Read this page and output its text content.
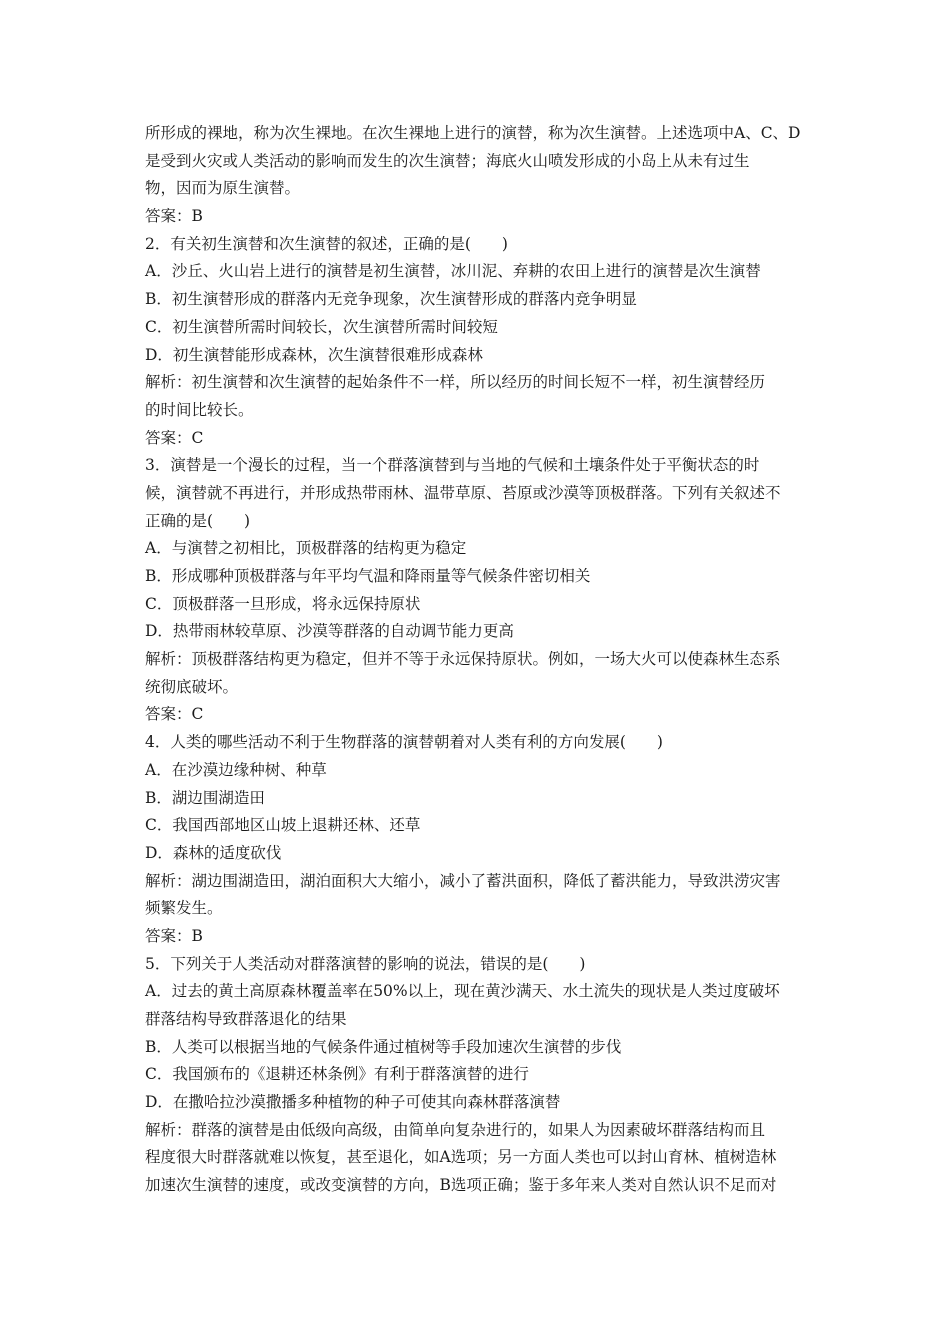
所形成的裸地，称为次生裸地。在次生裸地上进行的演替，称为次生演替。上述选项中A、C、D
是受到火灾或人类活动的影响而发生的次生演替；海底火山喷发形成的小岛上从未有过生
物，因而为原生演替。
答案：B
2．有关初生演替和次生演替的叙述，正确的是(　　)
A．沙丘、火山岩上进行的演替是初生演替，冰川泥、弃耕的农田上进行的演替是次生演替
B．初生演替形成的群落内无竞争现象，次生演替形成的群落内竞争明显
C．初生演替所需时间较长，次生演替所需时间较短
D．初生演替能形成森林，次生演替很难形成森林
解析：初生演替和次生演替的起始条件不一样，所以经历的时间长短不一样，初生演替经历
的时间比较长。
答案：C
3．演替是一个漫长的过程，当一个群落演替到与当地的气候和土壤条件处于平衡状态的时
候，演替就不再进行，并形成热带雨林、温带草原、苔原或沙漠等顶极群落。下列有关叙述不
正确的是(　　)
A．与演替之初相比，顶极群落的结构更为稳定
B．形成哪种顶极群落与年平均气温和降雨量等气候条件密切相关
C．顶极群落一旦形成，将永远保持原状
D．热带雨林较草原、沙漠等群落的自动调节能力更高
解析：顶极群落结构更为稳定，但并不等于永远保持原状。例如，一场大火可以使森林生态系
统彻底破坏。
答案：C
4．人类的哪些活动不利于生物群落的演替朝着对人类有利的方向发展(　　)
A．在沙漠边缘种树、种草
B．湖边围湖造田
C．我国西部地区山坡上退耕还林、还草
D．森林的适度砍伐
解析：湖边围湖造田，湖泊面积大大缩小，减小了蓄洪面积，降低了蓄洪能力，导致洪涝灾害
频繁发生。
答案：B
5．下列关于人类活动对群落演替的影响的说法，错误的是(　　)
A．过去的黄土高原森林覆盖率在50%以上，现在黄沙满天、水土流失的现状是人类过度破坏
群落结构导致群落退化的结果
B．人类可以根据当地的气候条件通过植树等手段加速次生演替的步伐
C．我国颁布的《退耕还林条例》有利于群落演替的进行
D．在撒哈拉沙漠撒播多种植物的种子可使其向森林群落演替
解析：群落的演替是由低级向高级，由简单向复杂进行的，如果人为因素破坏群落结构而且
程度很大时群落就难以恢复，甚至退化，如A选项；另一方面人类也可以封山育林、植树造林
加速次生演替的速度，或改变演替的方向，B选项正确；鉴于多年来人类对自然认识不足而对
